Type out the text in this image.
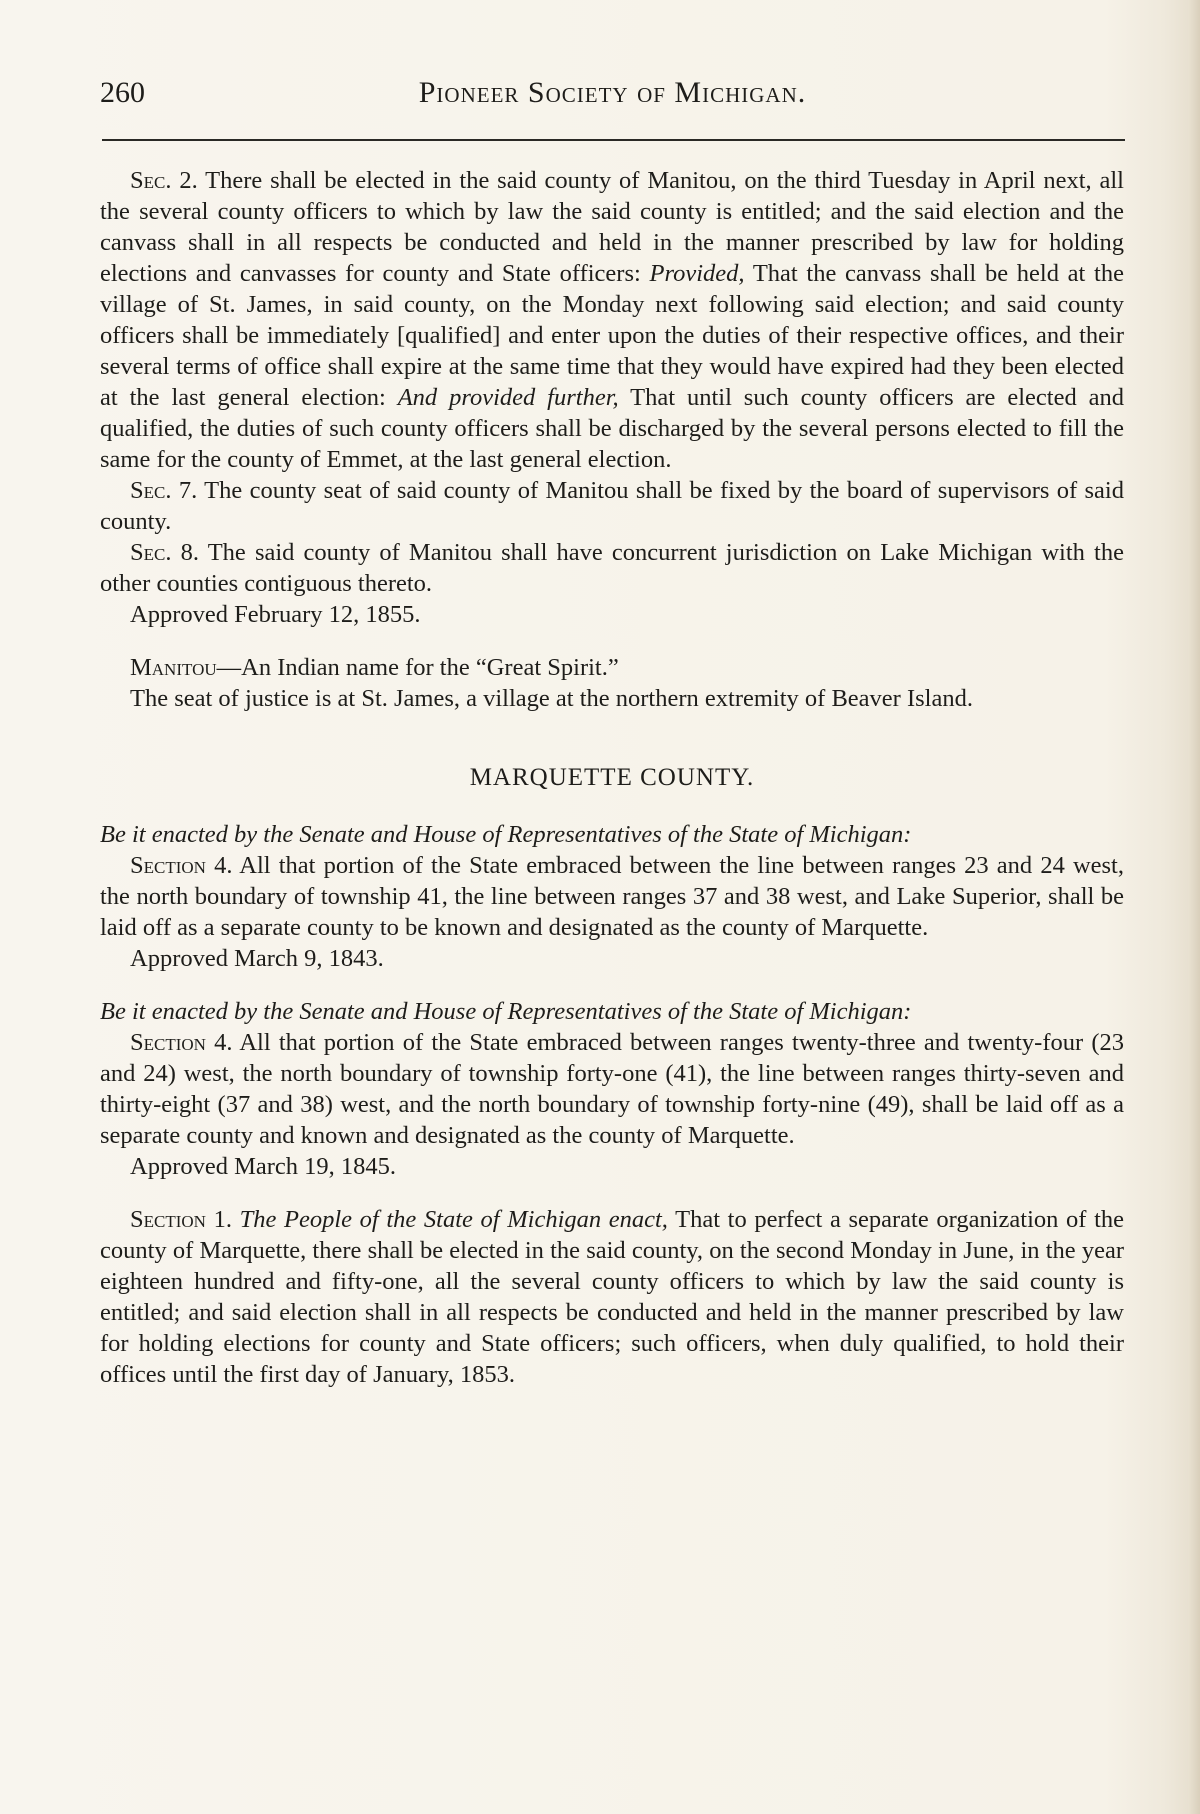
260	Pioneer Society of Michigan.

Sec. 2. There shall be elected in the said county of Manitou, on the third Tuesday in April next, all the several county officers to which by law the said county is entitled; and the said election and the canvass shall in all respects be conducted and held in the manner prescribed by law for holding elections and canvasses for county and State officers: Provided, That the canvass shall be held at the village of St. James, in said county, on the Monday next following said election; and said county officers shall be immediately [qualified] and enter upon the duties of their respective offices, and their several terms of office shall expire at the same time that they would have expired had they been elected at the last general election: And provided further, That until such county officers are elected and qualified, the duties of such county officers shall be discharged by the several persons elected to fill the same for the county of Emmet, at the last general election.

Sec. 7. The county seat of said county of Manitou shall be fixed by the board of supervisors of said county.

Sec. 8. The said county of Manitou shall have concurrent jurisdiction on Lake Michigan with the other counties contiguous thereto.

Approved February 12, 1855.

Manitou—An Indian name for the “Great Spirit.”

The seat of justice is at St. James, a village at the northern extremity of Beaver Island.

MARQUETTE COUNTY.

Be it enacted by the Senate and House of Representatives of the State of Michigan:

Section 4. All that portion of the State embraced between the line between ranges 23 and 24 west, the north boundary of township 41, the line between ranges 37 and 38 west, and Lake Superior, shall be laid off as a separate county to be known and designated as the county of Marquette.

Approved March 9, 1843.

Be it enacted by the Senate and House of Representatives of the State of Michigan:

Section 4. All that portion of the State embraced between ranges twenty-three and twenty-four (23 and 24) west, the north boundary of township forty-one (41), the line between ranges thirty-seven and thirty-eight (37 and 38) west, and the north boundary of township forty-nine (49), shall be laid off as a separate county and known and designated as the county of Marquette.

Approved March 19, 1845.

Section 1. The People of the State of Michigan enact, That to perfect a separate organization of the county of Marquette, there shall be elected in the said county, on the second Monday in June, in the year eighteen hundred and fifty-one, all the several county officers to which by law the said county is entitled; and said election shall in all respects be conducted and held in the manner prescribed by law for holding elections for county and State officers; such officers, when duly qualified, to hold their offices until the first day of January, 1853.
